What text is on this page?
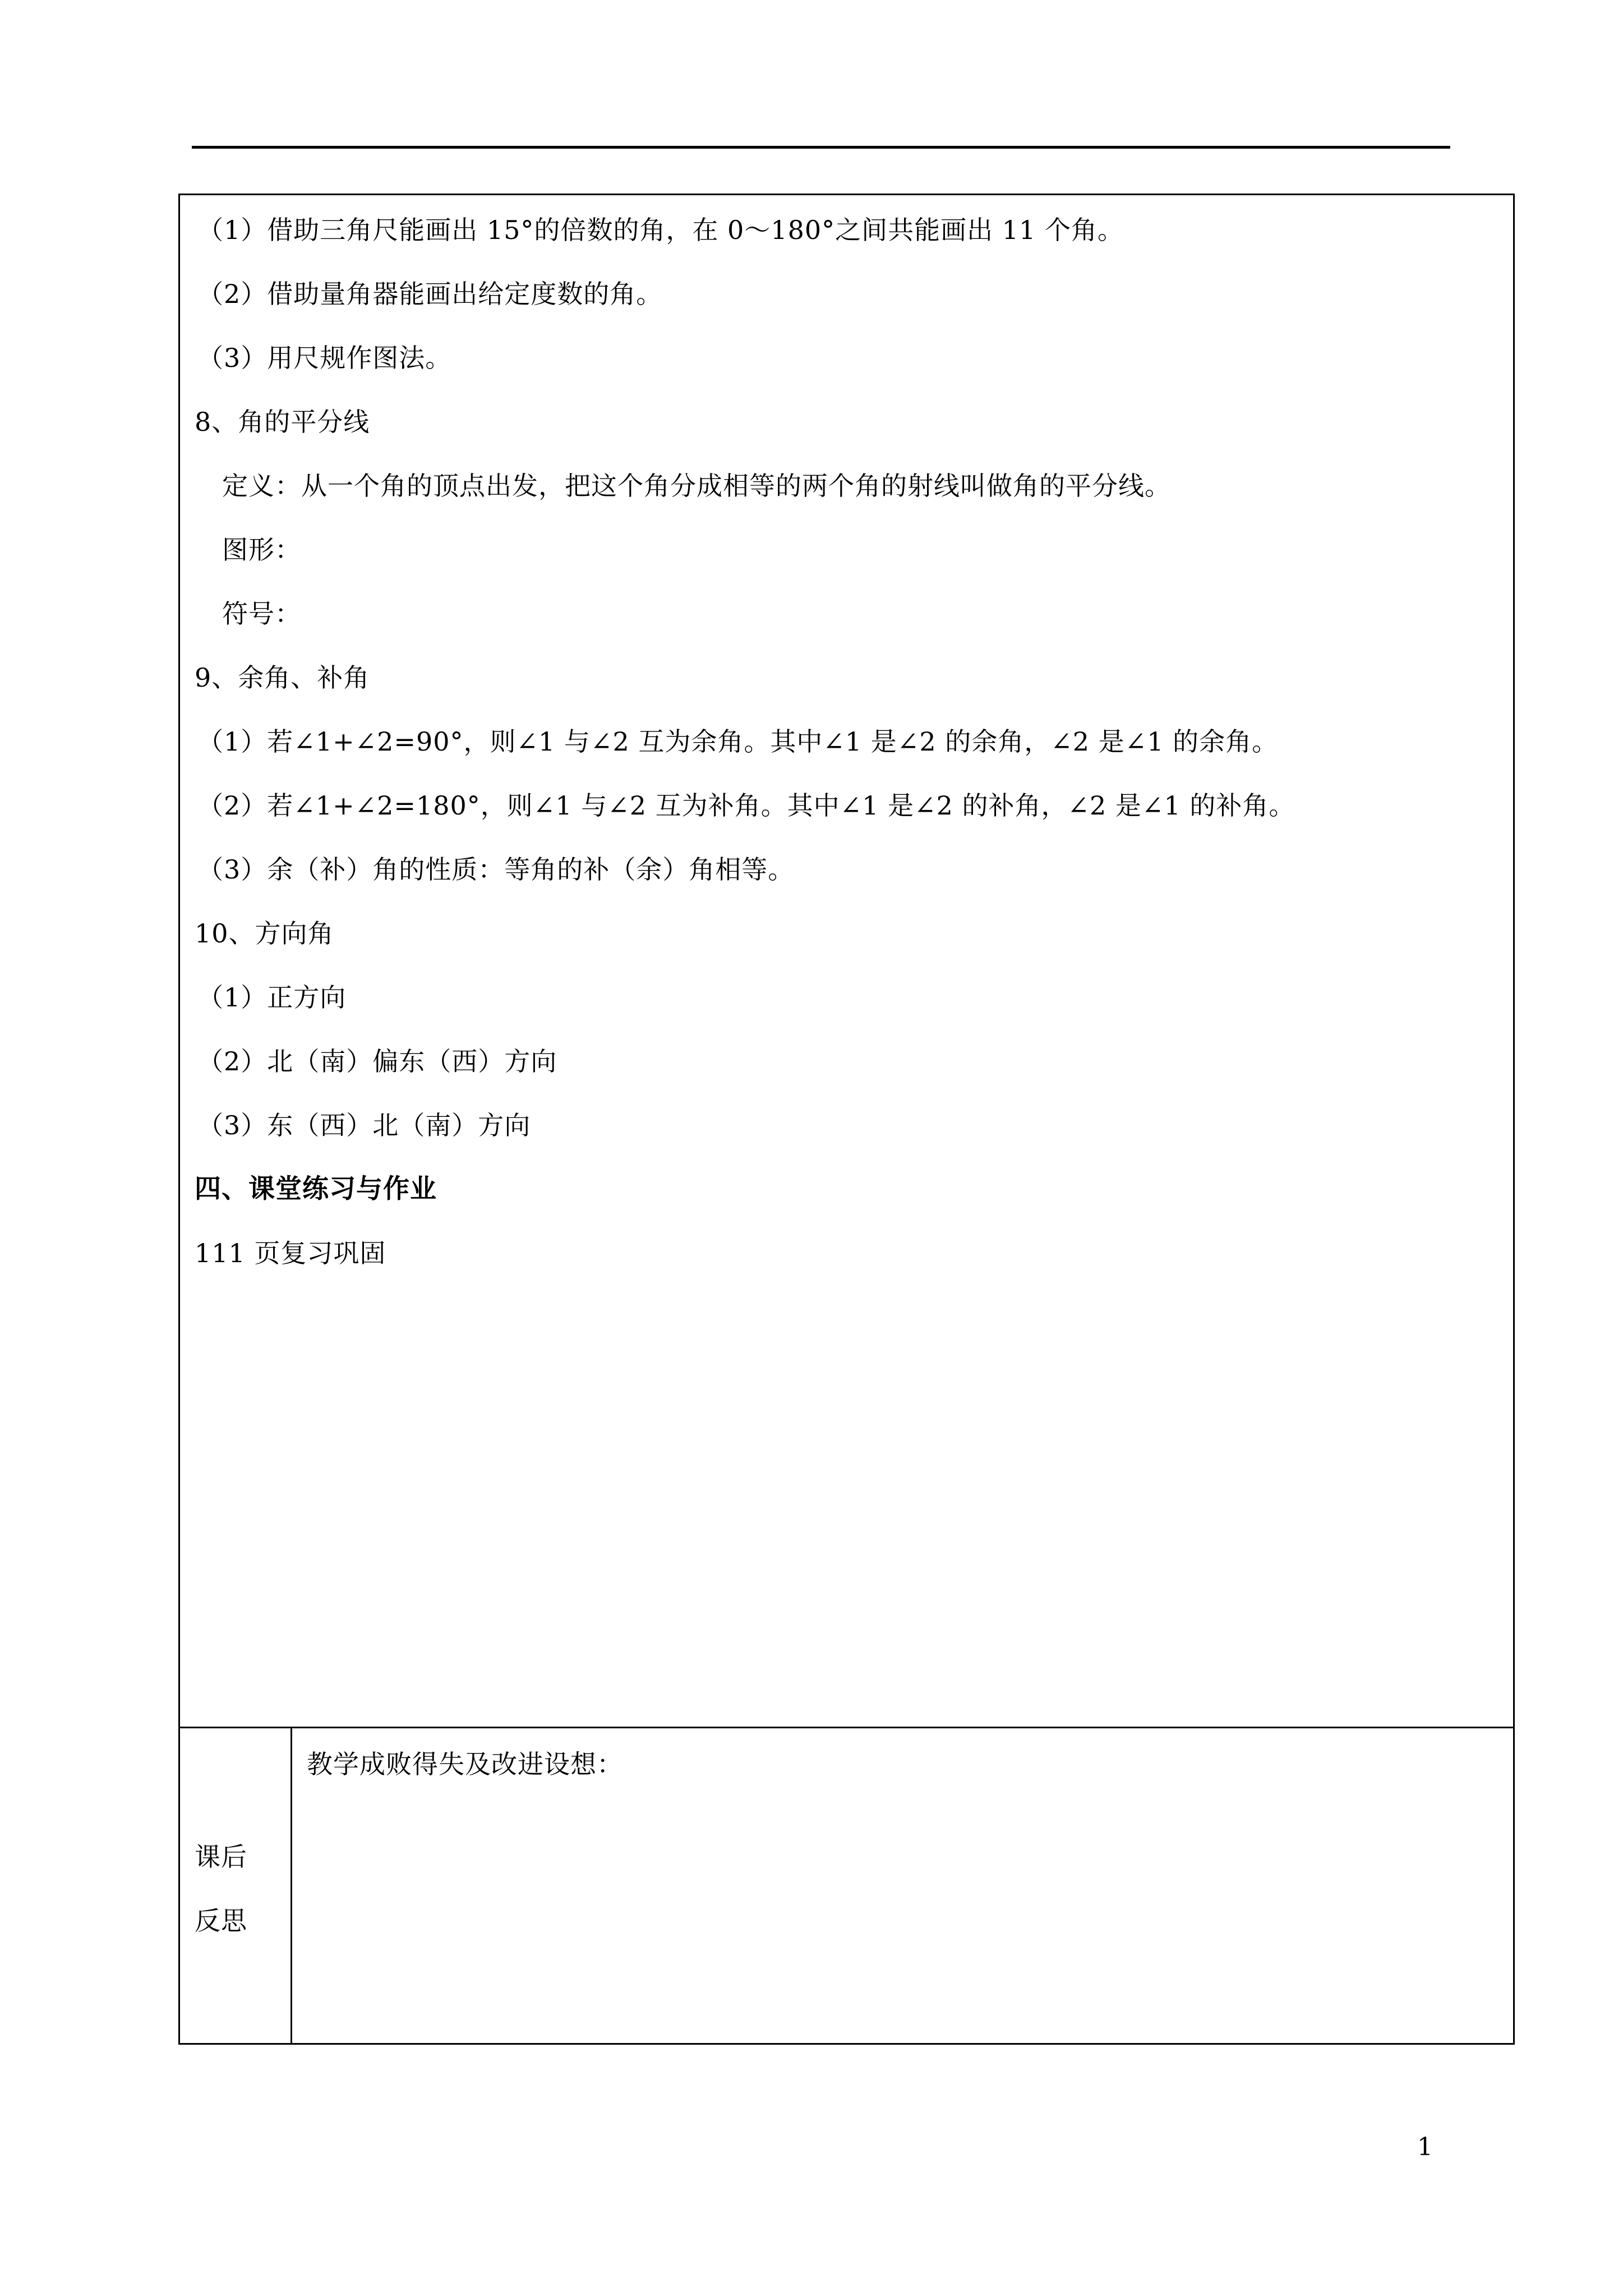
（1）借助三角尺能画出 15°的倍数的角，在 0～180°之间共能画出 11 个角。
（2）借助量角器能画出给定度数的角。
（3）用尺规作图法。
8、角的平分线
定义：从一个角的顶点出发，把这个角分成相等的两个角的射线叫做角的平分线。
图形：
符号：
9、余角、补角
（1）若∠1+∠2=90°，则∠1 与∠2 互为余角。其中∠1 是∠2 的余角，∠2 是∠1 的余角。
（2）若∠1+∠2=180°，则∠1 与∠2 互为补角。其中∠1 是∠2 的补角，∠2 是∠1 的补角。
（3）余（补）角的性质：等角的补（余）角相等。
10、方向角
（1）正方向
（2）北（南）偏东（西）方向
（3）东（西）北（南）方向
四、课堂练习与作业
111 页复习巩固
教学成败得失及改进设想：
课后
反思
1
